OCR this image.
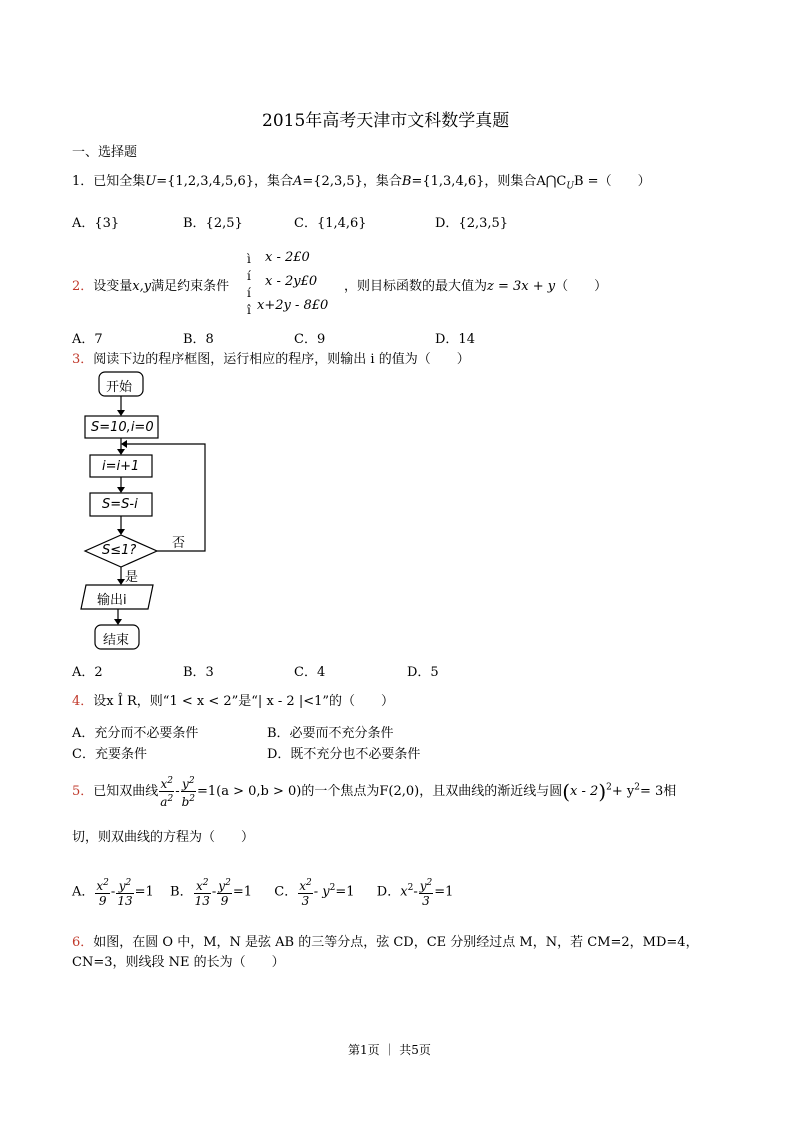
2015年高考天津市文科数学真题
一、选择题
1．已知全集U={1,2,3,4,5,6}，集合A={2,3,5}，集合B={1,3,4,6}，则集合$A⋂C_UB$ =（　　）
A．{3}	B．{2,5}	C．{1,4,6}	D．{2,3,5}
2．设变量x,y满足约束条件
ì
í
í
î
x - 2£0
x - 2y£0
x+2y - 8£0
，则目标函数的最大值为z = 3x + y（　　）
A．7	B．8	C．9	D．14
3．阅读下边的程序框图，运行相应的程序，则输出 i 的值为（　　）
开始
S=10,i=0
i=i+1
S=S-i
S≤1?	否
是
输出i
结束
A．2	B．3	C．4	D．5
4．设x Î R，则“1 < x < 2”是“| x - 2 |<1”的（　　）
A．充分而不必要条件	B．必要而不充分条件
C．充要条件	D．既不充分也不必要条件
5．已知双曲线 $\frac{x^2}{a^2} - \frac{y^2}{b^2} =1(a > 0,b > 0)$的一个焦点为F(2,0)，且双曲线的渐近线与圆$(x - 2)^2+ y^2= 3$相
切，则双曲线的方程为（　　）
A． $\frac{x^2}{9} - \frac{y^2}{13} =1$ B． $\frac{x^2}{13} - \frac{y^2}{9} =1$ C． $\frac{x^2}{3} - y^2=1$ D．$x^2- \frac{y^2}{3} =1$
6．如图，在圆 O 中，M，N 是弦 AB 的三等分点，弦 CD，CE 分别经过点 M，N，若 CM=2，MD=4，
CN=3，则线段 NE 的长为（　　）
第1页 ｜ 共5页
